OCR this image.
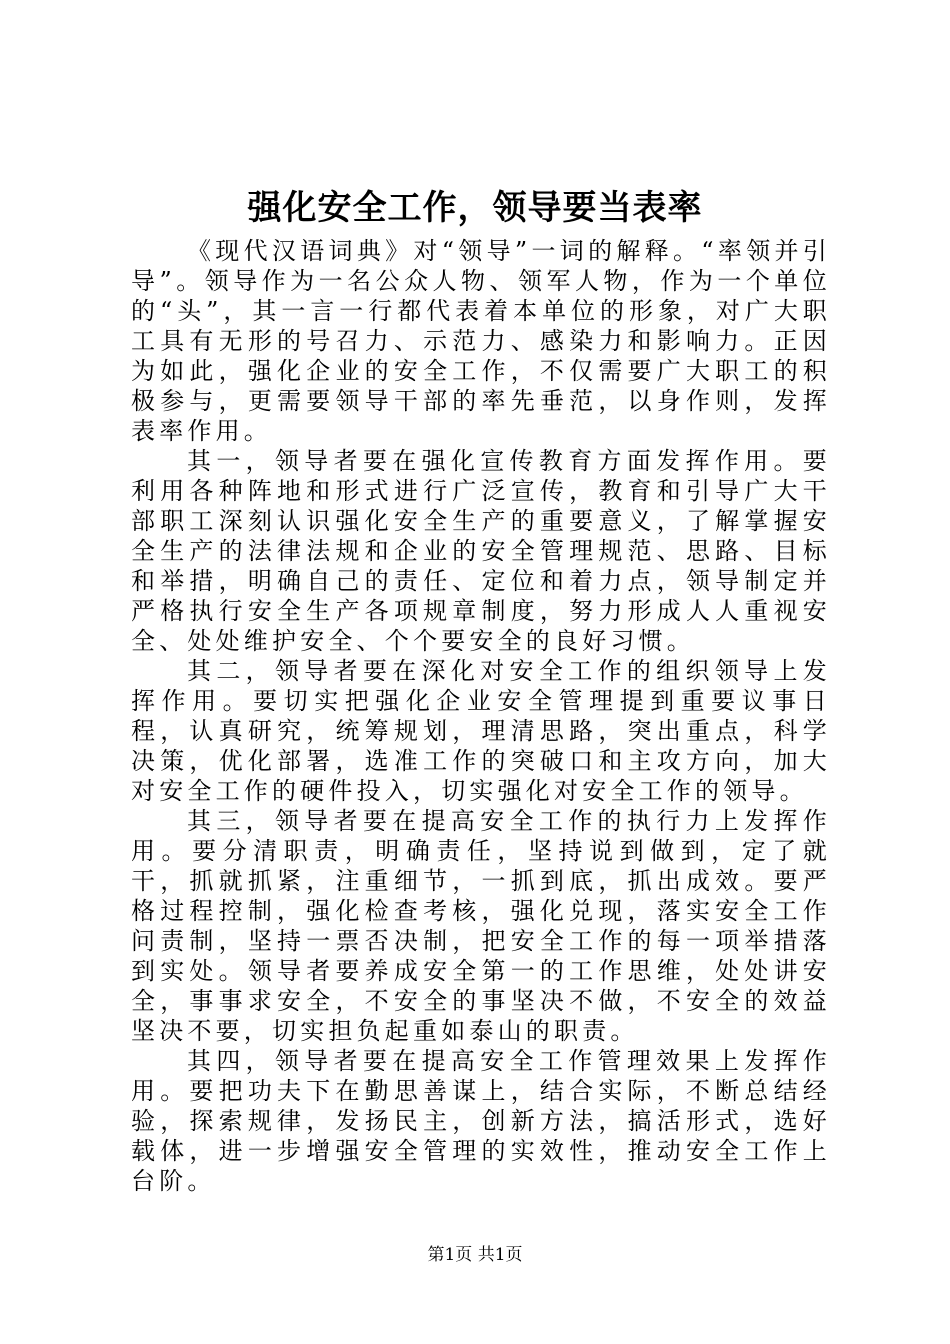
强化安全工作，领导要当表率

《现代汉语词典》对“领导”一词的解释。“率领并引导”。领导作为一名公众人物、领军人物，作为一个单位的“头”，其一言一行都代表着本单位的形象，对广大职工具有无形的号召力、示范力、感染力和影响力。正因为如此，强化企业的安全工作，不仅需要广大职工的积极参与，更需要领导干部的率先垂范，以身作则，发挥表率作用。

其一，领导者要在强化宣传教育方面发挥作用。要利用各种阵地和形式进行广泛宣传，教育和引导广大干部职工深刻认识强化安全生产的重要意义，了解掌握安全生产的法律法规和企业的安全管理规范、思路、目标和举措，明确自己的责任、定位和着力点，领导制定并严格执行安全生产各项规章制度，努力形成人人重视安全、处处维护安全、个个要安全的良好习惯。

其二，领导者要在深化对安全工作的组织领导上发挥作用。要切实把强化企业安全管理提到重要议事日程，认真研究，统筹规划，理清思路，突出重点，科学决策，优化部署，选准工作的突破口和主攻方向，加大对安全工作的硬件投入，切实强化对安全工作的领导。

其三，领导者要在提高安全工作的执行力上发挥作用。要分清职责，明确责任，坚持说到做到，定了就干，抓就抓紧，注重细节，一抓到底，抓出成效。要严格过程控制，强化检查考核，强化兑现，落实安全工作问责制，坚持一票否决制，把安全工作的每一项举措落到实处。领导者要养成安全第一的工作思维，处处讲安全，事事求安全，不安全的事坚决不做，不安全的效益坚决不要，切实担负起重如泰山的职责。

其四，领导者要在提高安全工作管理效果上发挥作用。要把功夫下在勤思善谋上，结合实际，不断总结经验，探索规律，发扬民主，创新方法，搞活形式，选好载体，进一步增强安全管理的实效性，推动安全工作上台阶。

第1页 共1页
